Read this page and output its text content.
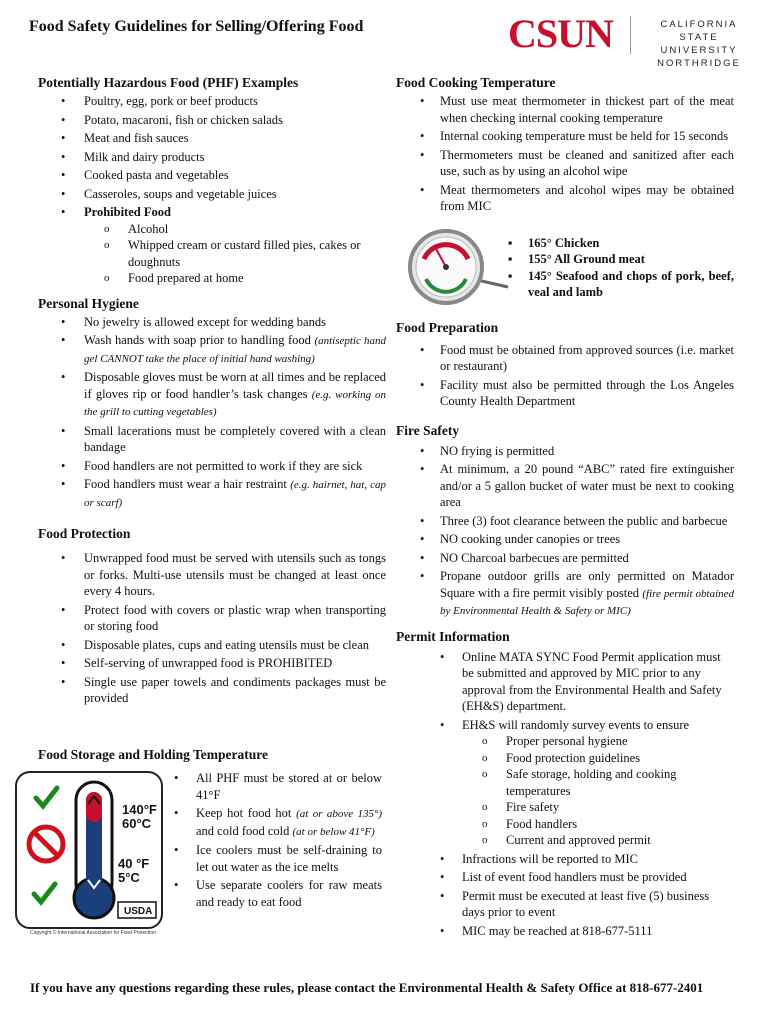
Food Safety Guidelines for Selling/Offering Food	CSUN	CALIFORNIA
STATE UNIVERSITY
NORTHRIDGE
Potentially Hazardous Food (PHF) Examples
• Poultry, egg, pork or beef products
• Potato, macaroni, fish or chicken salads
• Meat and fish sauces
• Milk and dairy products
• Cooked pasta and vegetables
• Casseroles, soups and vegetable juices
• Prohibited Food
o Alcohol
o Whipped cream or custard filled pies, cakes or doughnuts
o Food prepared at home
Personal Hygiene
• No jewelry is allowed except for wedding bands
• Wash hands with soap prior to handling food (antiseptic hand gel CANNOT take the place of initial hand washing)
• Disposable gloves must be worn at all times and be replaced if gloves rip or food handler’s task changes (e.g. working on the grill to cutting vegetables)
• Small lacerations must be completely covered with a clean bandage
• Food handlers are not permitted to work if they are sick
• Food handlers must wear a hair restraint (e.g. hairnet, hat, cap or scarf)
Food Protection
• Unwrapped food must be served with utensils such as tongs or forks. Multi-use utensils must be changed at least once every 4 hours.
• Protect food with covers or plastic wrap when transporting or storing food
• Disposable plates, cups and eating utensils must be clean
• Self-serving of unwrapped food is PROHIBITED
• Single use paper towels and condiments packages must be provided
Food Storage and Holding Temperature
140°F
60°C
40 °F
5°C
USDA
• All PHF must be stored at or below 41°F
• Keep hot food hot (at or above 135°) and cold food cold (at or below 41°F)
• Ice coolers must be self-draining to let out water as the ice melts
• Use separate coolers for raw meats and ready to eat food
Copyright © International Association for Food Protection
Food Cooking Temperature
• Must use meat thermometer in thickest part of the meat when checking internal cooking temperature
• Internal cooking temperature must be held for 15 seconds
• Thermometers must be cleaned and sanitized after each use, such as by using an alcohol wipe
• Meat thermometers and alcohol wipes may be obtained from MIC
▪ 165° Chicken
▪ 155° All Ground meat
▪ 145° Seafood and chops of pork, beef, veal and lamb
Food Preparation
• Food must be obtained from approved sources (i.e. market or restaurant)
• Facility must also be permitted through the Los Angeles County Health Department
Fire Safety
• NO frying is permitted
• At minimum, a 20 pound “ABC” rated fire extinguisher and/or a 5 gallon bucket of water must be next to cooking area
• Three (3) foot clearance between the public and barbecue
• NO cooking under canopies or trees
• NO Charcoal barbecues are permitted
• Propane outdoor grills are only permitted on Matador Square with a fire permit visibly posted (fire permit obtained by Environmental Health & Safety or MIC)
Permit Information
• Online MATA SYNC Food Permit application must be submitted and approved by MIC prior to any approval from the Environmental Health and Safety (EH&S) department.
• EH&S will randomly survey events to ensure
o Proper personal hygiene
o Food protection guidelines
o Safe storage, holding and cooking temperatures
o Fire safety
o Food handlers
o Current and approved permit
• Infractions will be reported to MIC
• List of event food handlers must be provided
• Permit must be executed at least five (5) business days prior to event
• MIC may be reached at 818-677-5111
If you have any questions regarding these rules, please contact the Environmental Health & Safety Office at 818-677-2401
